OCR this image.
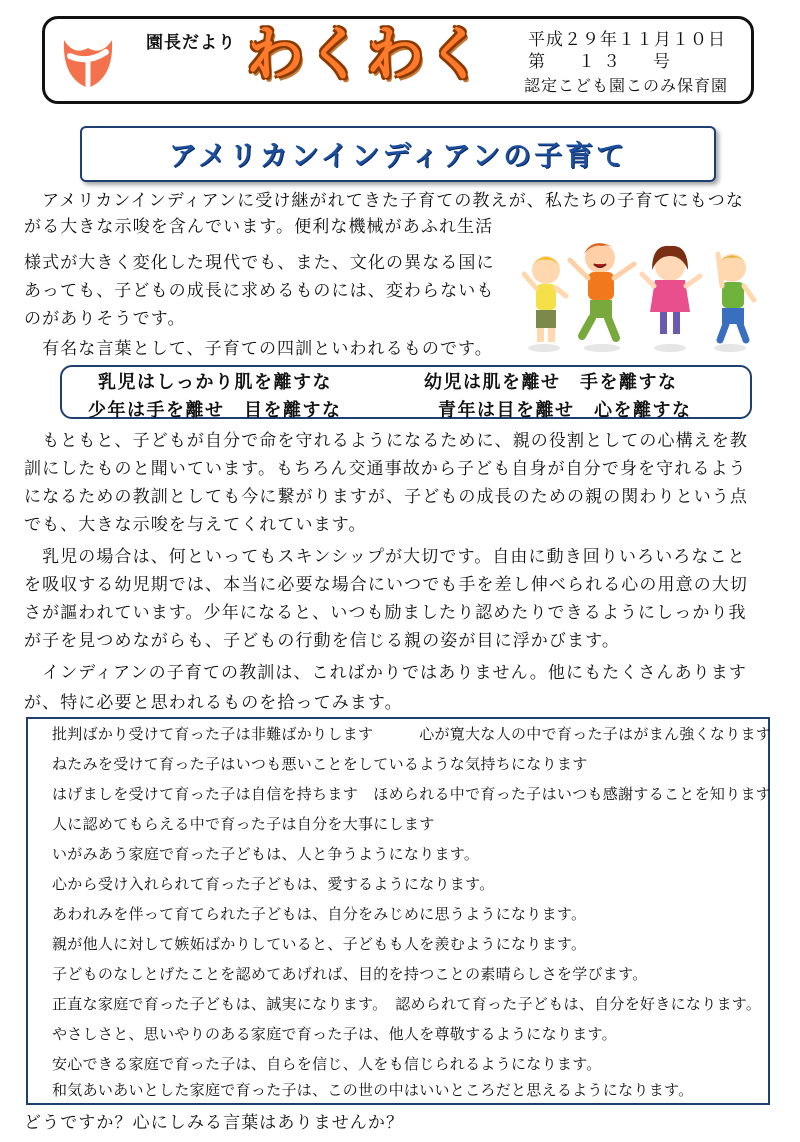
園長だより わくわく 平成２９年１１月１０日
第　１３　号
認定こども園このみ保育園
アメリカンインディアンの子育て
　アメリカンインディアンに受け継がれてきた子育ての教えが、私たちの子育てにもつな
がる大きな示唆を含んでいます。便利な機械があふれ生活
様式が大きく変化した現代でも、また、文化の異なる国に
あっても、子どもの成長に求めるものには、変わらないも
のがありそうです。
　有名な言葉として、子育ての四訓といわれるものです。
乳児はしっかり肌を離すな	幼児は肌を離せ　手を離すな
少年は手を離せ　目を離すな	青年は目を離せ　心を離すな
　もともと、子どもが自分で命を守れるようになるために、親の役割としての心構えを教
訓にしたものと聞いています。もちろん交通事故から子ども自身が自分で身を守れるよう
になるための教訓としても今に繋がりますが、子どもの成長のための親の関わりという点
でも、大きな示唆を与えてくれています。
　乳児の場合は、何といってもスキンシップが大切です。自由に動き回りいろいろなこと
を吸収する幼児期では、本当に必要な場合にいつでも手を差し伸べられる心の用意の大切
さが謳われています。少年になると、いつも励ましたり認めたりできるようにしっかり我
が子を見つめながらも、子どもの行動を信じる親の姿が目に浮かびます。
　インディアンの子育ての教訓は、こればかりではありません。他にもたくさんあります
が、特に必要と思われるものを拾ってみます。
批判ばかり受けて育った子は非難ばかりします　　　心が寛大な人の中で育った子はがまん強くなります
ねたみを受けて育った子はいつも悪いことをしているような気持ちになります
はげましを受けて育った子は自信を持ちます　ほめられる中で育った子はいつも感謝することを知ります
人に認めてもらえる中で育った子は自分を大事にします
いがみあう家庭で育った子どもは、人と争うようになります。
心から受け入れられて育った子どもは、愛するようになります。
あわれみを伴って育てられた子どもは、自分をみじめに思うようになります。
親が他人に対して嫉妬ばかりしていると、子どもも人を羨むようになります。
子どものなしとげたことを認めてあげれば、目的を持つことの素晴らしさを学びます。
正直な家庭で育った子どもは、誠実になります。　認められて育った子どもは、自分を好きになります。
やさしさと、思いやりのある家庭で育った子は、他人を尊敬するようになります。
安心できる家庭で育った子は、自らを信じ、人をも信じられるようになります。
和気あいあいとした家庭で育った子は、この世の中はいいところだと思えるようになります。
どうですか？心にしみる言葉はありませんか？
